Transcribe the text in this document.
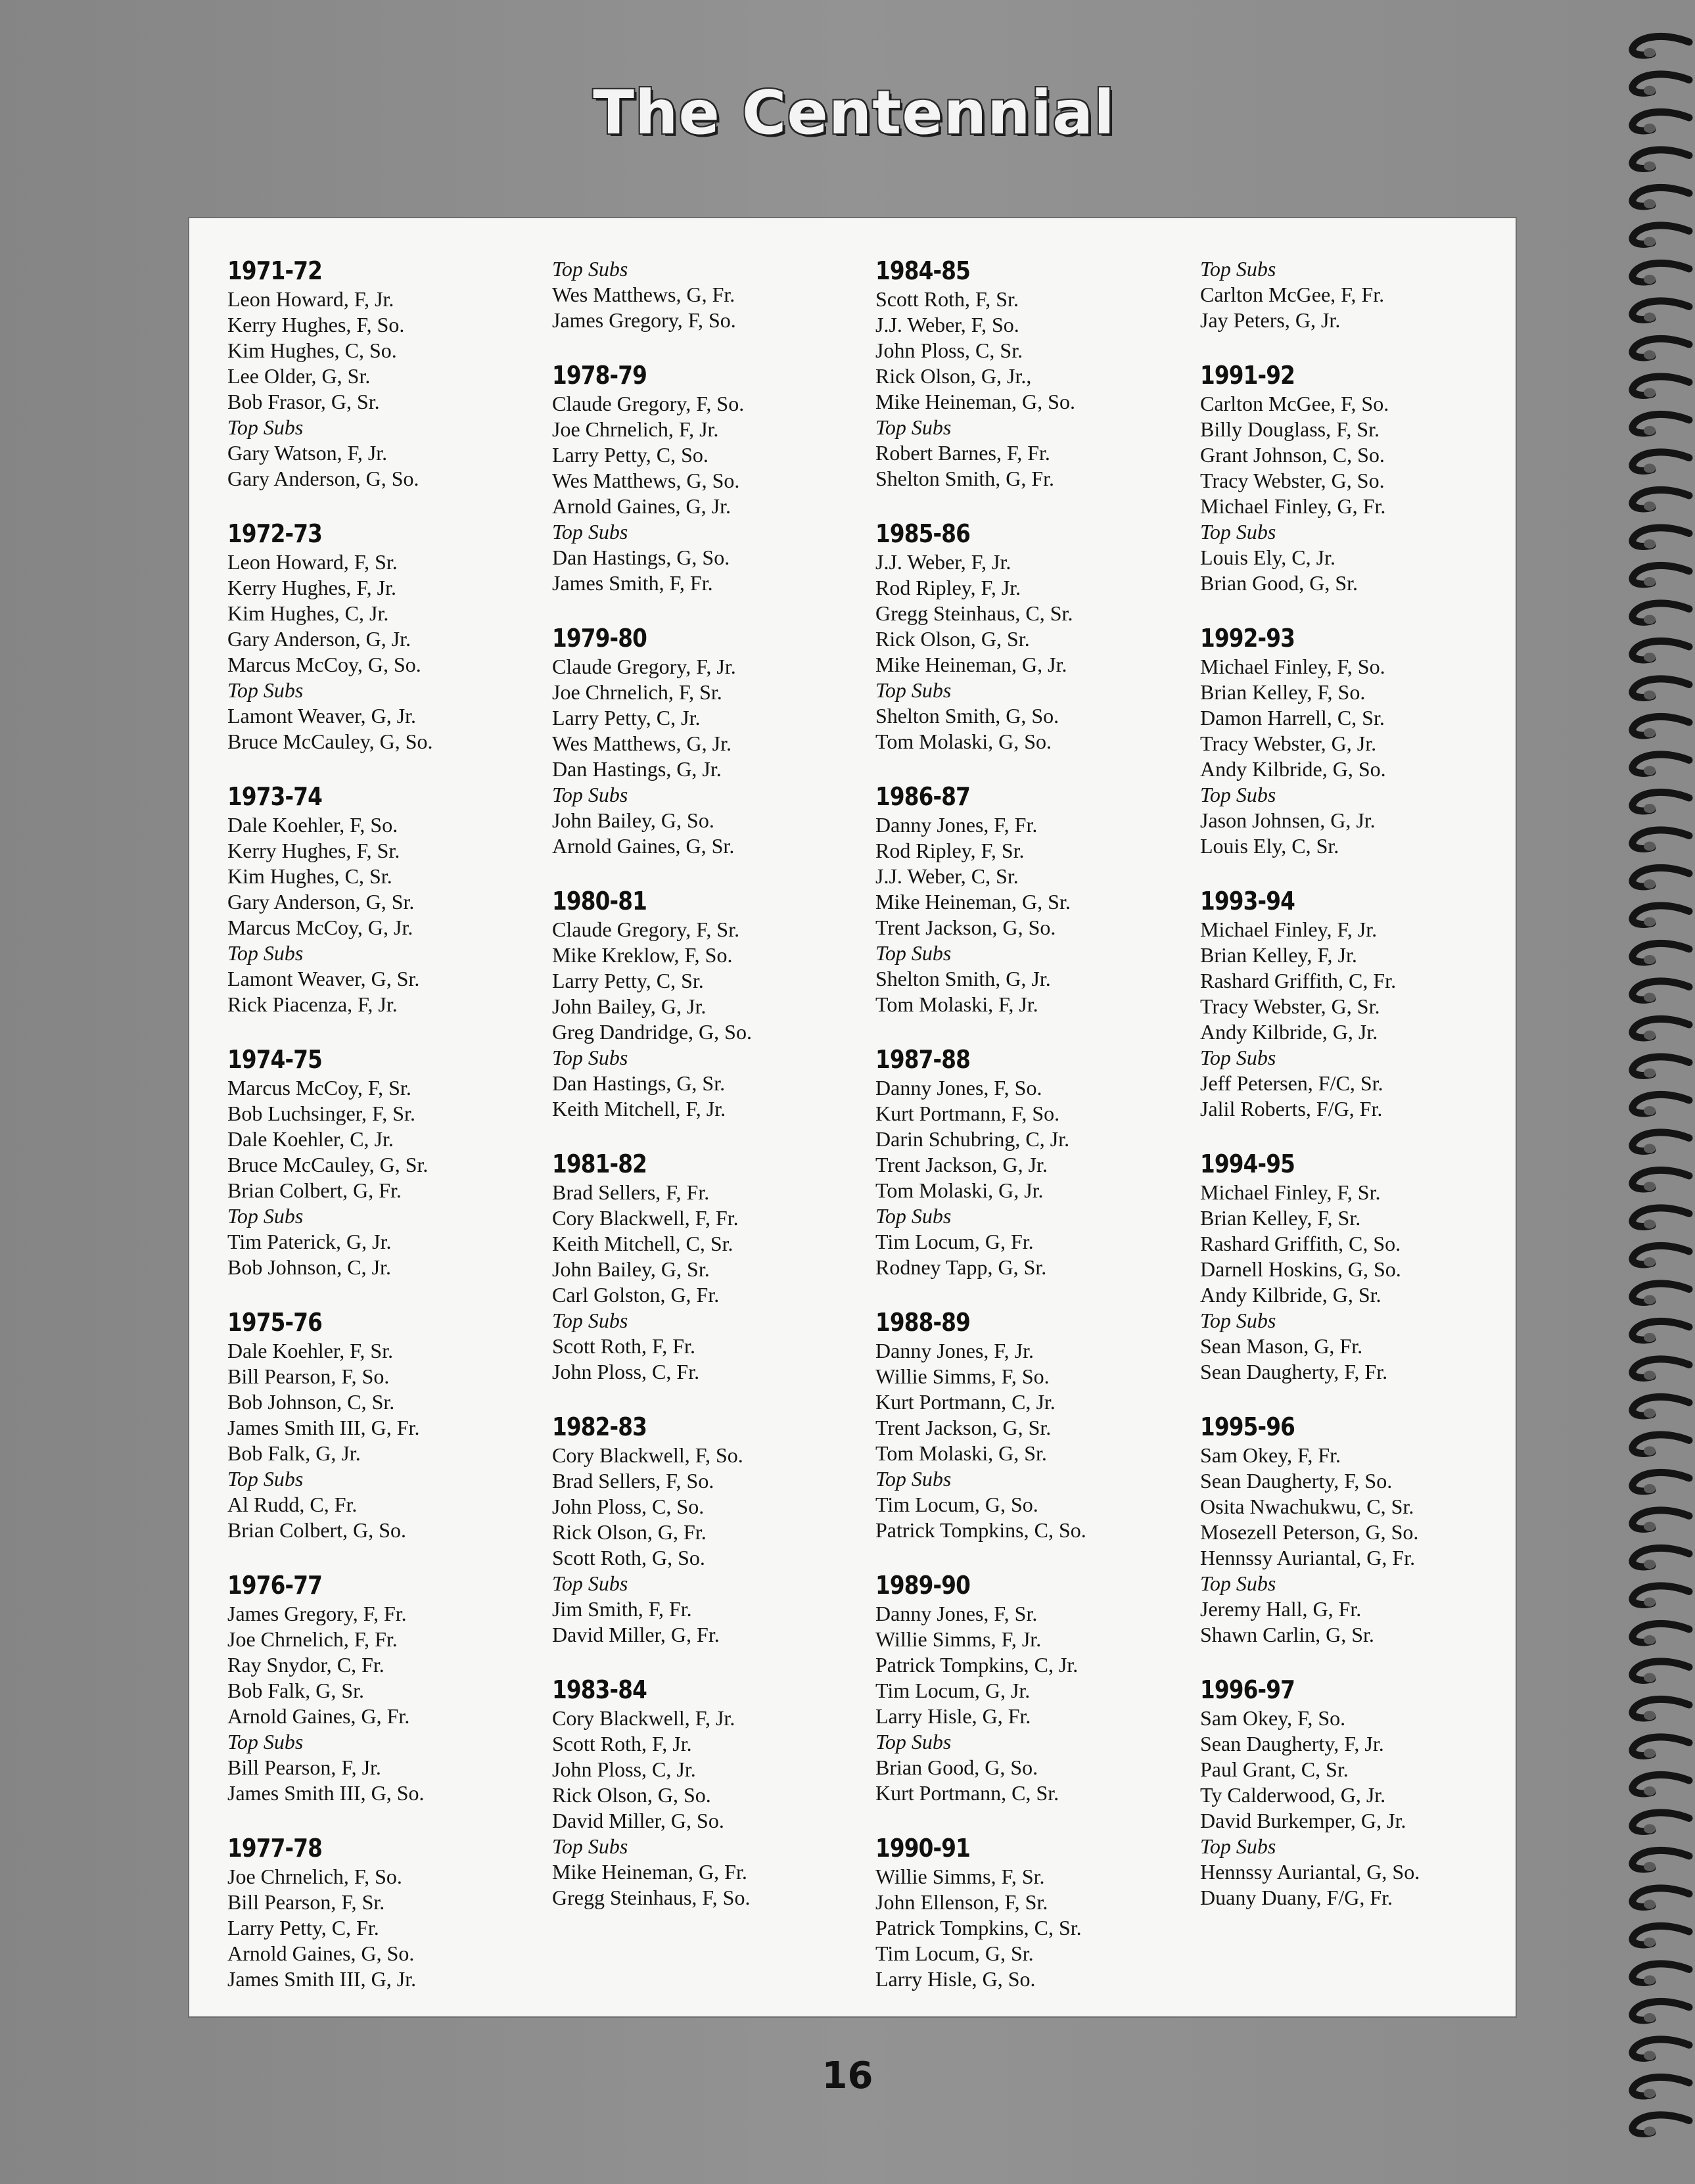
The Centennial
1971-72
Leon Howard, F, Jr.
Kerry Hughes, F, So.
Kim Hughes, C, So.
Lee Older, G, Sr.
Bob Frasor, G, Sr.
Top Subs
Gary Watson, F, Jr.
Gary Anderson, G, So.
1972-73
Leon Howard, F, Sr.
Kerry Hughes, F, Jr.
Kim Hughes, C, Jr.
Gary Anderson, G, Jr.
Marcus McCoy, G, So.
Top Subs
Lamont Weaver, G, Jr.
Bruce McCauley, G, So.
1973-74
Dale Koehler, F, So.
Kerry Hughes, F, Sr.
Kim Hughes, C, Sr.
Gary Anderson, G, Sr.
Marcus McCoy, G, Jr.
Top Subs
Lamont Weaver, G, Sr.
Rick Piacenza, F, Jr.
1974-75
Marcus McCoy, F, Sr.
Bob Luchsinger, F, Sr.
Dale Koehler, C, Jr.
Bruce McCauley, G, Sr.
Brian Colbert, G, Fr.
Top Subs
Tim Paterick, G, Jr.
Bob Johnson, C, Jr.
1975-76
Dale Koehler, F, Sr.
Bill Pearson, F, So.
Bob Johnson, C, Sr.
James Smith III, G, Fr.
Bob Falk, G, Jr.
Top Subs
Al Rudd, C, Fr.
Brian Colbert, G, So.
1976-77
James Gregory, F, Fr.
Joe Chrnelich, F, Fr.
Ray Snydor, C, Fr.
Bob Falk, G, Sr.
Arnold Gaines, G, Fr.
Top Subs
Bill Pearson, F, Jr.
James Smith III, G, So.
1977-78
Joe Chrnelich, F, So.
Bill Pearson, F, Sr.
Larry Petty, C, Fr.
Arnold Gaines, G, So.
James Smith III, G, Jr.
Top Subs
Wes Matthews, G, Fr.
James Gregory, F, So.
1978-79
Claude Gregory, F, So.
Joe Chrnelich, F, Jr.
Larry Petty, C, So.
Wes Matthews, G, So.
Arnold Gaines, G, Jr.
Top Subs
Dan Hastings, G, So.
James Smith, F, Fr.
1979-80
Claude Gregory, F, Jr.
Joe Chrnelich, F, Sr.
Larry Petty, C, Jr.
Wes Matthews, G, Jr.
Dan Hastings, G, Jr.
Top Subs
John Bailey, G, So.
Arnold Gaines, G, Sr.
1980-81
Claude Gregory, F, Sr.
Mike Kreklow, F, So.
Larry Petty, C, Sr.
John Bailey, G, Jr.
Greg Dandridge, G, So.
Top Subs
Dan Hastings, G, Sr.
Keith Mitchell, F, Jr.
1981-82
Brad Sellers, F, Fr.
Cory Blackwell, F, Fr.
Keith Mitchell, C, Sr.
John Bailey, G, Sr.
Carl Golston, G, Fr.
Top Subs
Scott Roth, F, Fr.
John Ploss, C, Fr.
1982-83
Cory Blackwell, F, So.
Brad Sellers, F, So.
John Ploss, C, So.
Rick Olson, G, Fr.
Scott Roth, G, So.
Top Subs
Jim Smith, F, Fr.
David Miller, G, Fr.
1983-84
Cory Blackwell, F, Jr.
Scott Roth, F, Jr.
John Ploss, C, Jr.
Rick Olson, G, So.
David Miller, G, So.
Top Subs
Mike Heineman, G, Fr.
Gregg Steinhaus, F, So.
1984-85
Scott Roth, F, Sr.
J.J. Weber, F, So.
John Ploss, C, Sr.
Rick Olson, G, Jr.,
Mike Heineman, G, So.
Top Subs
Robert Barnes, F, Fr.
Shelton Smith, G, Fr.
1985-86
J.J. Weber, F, Jr.
Rod Ripley, F, Jr.
Gregg Steinhaus, C, Sr.
Rick Olson, G, Sr.
Mike Heineman, G, Jr.
Top Subs
Shelton Smith, G, So.
Tom Molaski, G, So.
1986-87
Danny Jones, F, Fr.
Rod Ripley, F, Sr.
J.J. Weber, C, Sr.
Mike Heineman, G, Sr.
Trent Jackson, G, So.
Top Subs
Shelton Smith, G, Jr.
Tom Molaski, F, Jr.
1987-88
Danny Jones, F, So.
Kurt Portmann, F, So.
Darin Schubring, C, Jr.
Trent Jackson, G, Jr.
Tom Molaski, G, Jr.
Top Subs
Tim Locum, G, Fr.
Rodney Tapp, G, Sr.
1988-89
Danny Jones, F, Jr.
Willie Simms, F, So.
Kurt Portmann, C, Jr.
Trent Jackson, G, Sr.
Tom Molaski, G, Sr.
Top Subs
Tim Locum, G, So.
Patrick Tompkins, C, So.
1989-90
Danny Jones, F, Sr.
Willie Simms, F, Jr.
Patrick Tompkins, C, Jr.
Tim Locum, G, Jr.
Larry Hisle, G, Fr.
Top Subs
Brian Good, G, So.
Kurt Portmann, C, Sr.
1990-91
Willie Simms, F, Sr.
John Ellenson, F, Sr.
Patrick Tompkins, C, Sr.
Tim Locum, G, Sr.
Larry Hisle, G, So.
Top Subs
Carlton McGee, F, Fr.
Jay Peters, G, Jr.
1991-92
Carlton McGee, F, So.
Billy Douglass, F, Sr.
Grant Johnson, C, So.
Tracy Webster, G, So.
Michael Finley, G, Fr.
Top Subs
Louis Ely, C, Jr.
Brian Good, G, Sr.
1992-93
Michael Finley, F, So.
Brian Kelley, F, So.
Damon Harrell, C, Sr.
Tracy Webster, G, Jr.
Andy Kilbride, G, So.
Top Subs
Jason Johnsen, G, Jr.
Louis Ely, C, Sr.
1993-94
Michael Finley, F, Jr.
Brian Kelley, F, Jr.
Rashard Griffith, C, Fr.
Tracy Webster, G, Sr.
Andy Kilbride, G, Jr.
Top Subs
Jeff Petersen, F/C, Sr.
Jalil Roberts, F/G, Fr.
1994-95
Michael Finley, F, Sr.
Brian Kelley, F, Sr.
Rashard Griffith, C, So.
Darnell Hoskins, G, So.
Andy Kilbride, G, Sr.
Top Subs
Sean Mason, G, Fr.
Sean Daugherty, F, Fr.
1995-96
Sam Okey, F, Fr.
Sean Daugherty, F, So.
Osita Nwachukwu, C, Sr.
Mosezell Peterson, G, So.
Hennssy Auriantal, G, Fr.
Top Subs
Jeremy Hall, G, Fr.
Shawn Carlin, G, Sr.
1996-97
Sam Okey, F, So.
Sean Daugherty, F, Jr.
Paul Grant, C, Sr.
Ty Calderwood, G, Jr.
David Burkemper, G, Jr.
Top Subs
Hennssy Auriantal, G, So.
Duany Duany, F/G, Fr.
16
